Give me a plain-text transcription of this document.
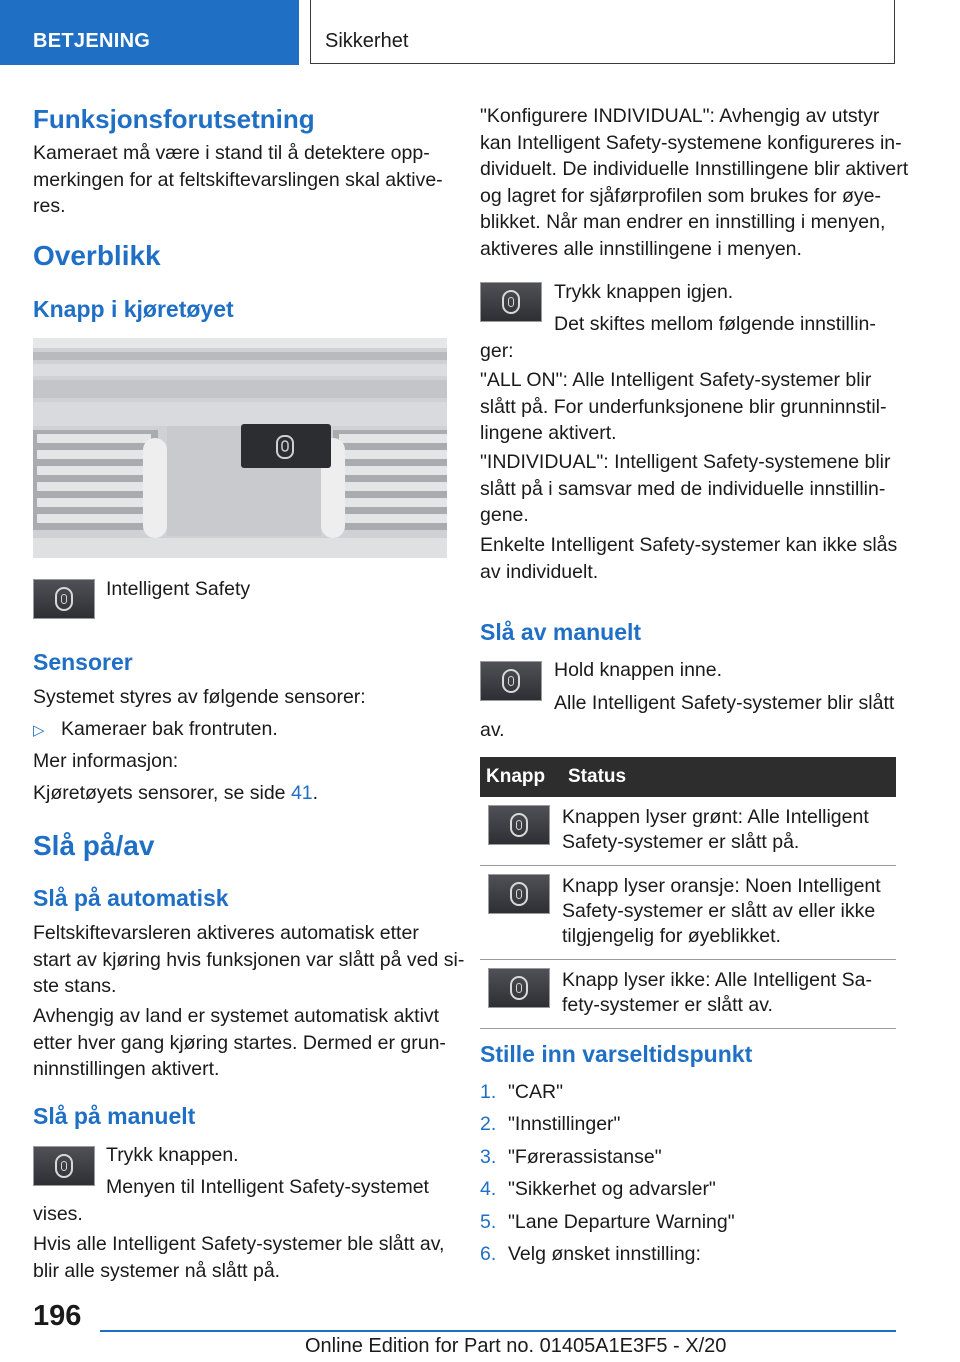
BETJENING	Sikkerhet
Funksjonsforutsetning
Kameraet må være i stand til å detektere opp-
merkingen for at feltskiftevarslingen skal aktive-
res.
Overblikk
Knapp i kjøretøyet
Intelligent Safety
Sensorer
Systemet styres av følgende sensorer:
▷ Kameraer bak frontruten.
Mer informasjon:
Kjøretøyets sensorer, se side 41.
Slå på/av
Slå på automatisk
Feltskiftevarsleren aktiveres automatisk etter
start av kjøring hvis funksjonen var slått på ved si-
ste stans.
Avhengig av land er systemet automatisk aktivt
etter hver gang kjøring startes. Dermed er grun-
ninnstillingen aktivert.
Slå på manuelt
Trykk knappen.
Menyen til Intelligent Safety-systemet
vises.
Hvis alle Intelligent Safety-systemer ble slått av,
blir alle systemer nå slått på.
"Konfigurere INDIVIDUAL": Avhengig av utstyr
kan Intelligent Safety-systemene konfigureres in-
dividuelt. De individuelle Innstillingene blir aktivert
og lagret for sjåførprofilen som brukes for øye-
blikket. Når man endrer en innstilling i menyen,
aktiveres alle innstillingene i menyen.
Trykk knappen igjen.
Det skiftes mellom følgende innstillin-
ger:
"ALL ON": Alle Intelligent Safety-systemer blir
slått på. For underfunksjonene blir grunninnstil-
lingene aktivert.
"INDIVIDUAL": Intelligent Safety-systemene blir
slått på i samsvar med de individuelle innstillin-
gene.
Enkelte Intelligent Safety-systemer kan ikke slås
av individuelt.
Slå av manuelt
Hold knappen inne.
Alle Intelligent Safety-systemer blir slått
av.
Knapp	Status

	Knappen lyser grønt: Alle Intelligent
Safety-systemer er slått på.

	Knapp lyser oransje: Noen Intelligent
Safety-systemer er slått av eller ikke
tilgjengelig for øyeblikket.

	Knapp lyser ikke: Alle Intelligent Sa-
fety-systemer er slått av.
Stille inn varseltidspunkt
1. "CAR"
2. "Innstillinger"
3. "Førerassistanse"
4. "Sikkerhet og advarsler"
5. "Lane Departure Warning"
6. Velg ønsket innstilling:
196
Online Edition for Part no. 01405A1E3F5 - X/20
